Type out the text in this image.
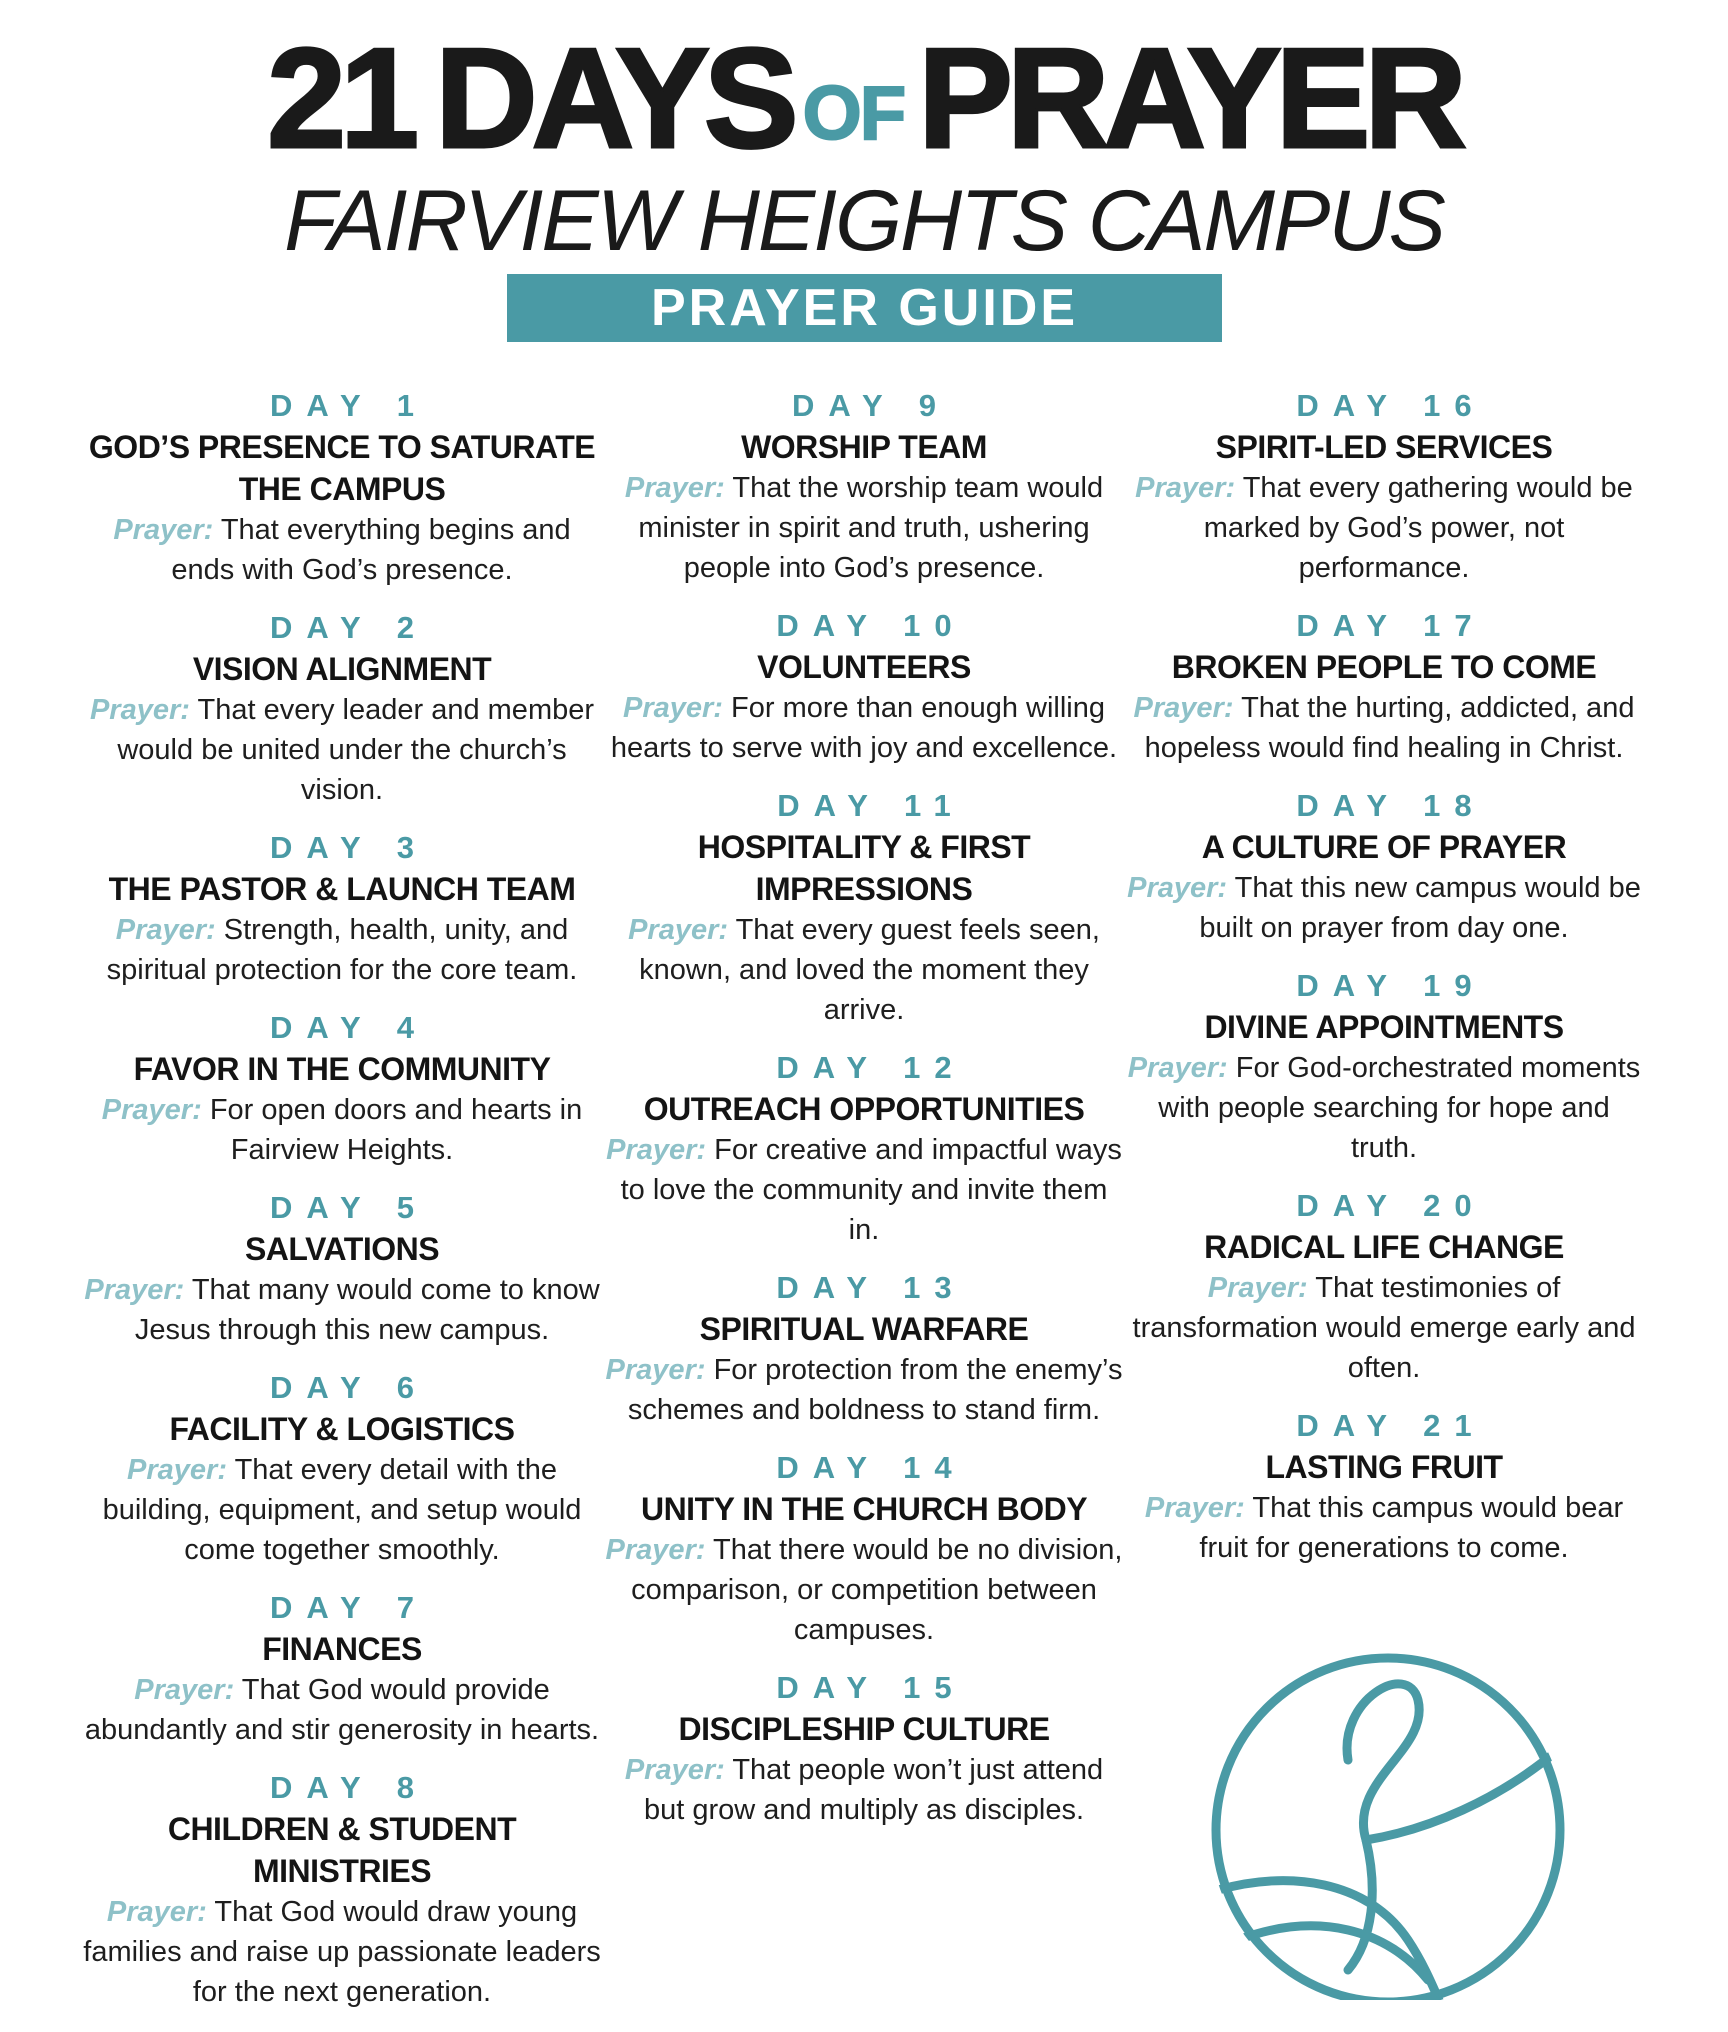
21 DAYS OF PRAYER
FAIRVIEW HEIGHTS CAMPUS
PRAYER GUIDE
DAY 1
GOD’S PRESENCE TO SATURATE THE CAMPUS
Prayer: That everything begins and ends with God’s presence.
DAY 2
VISION ALIGNMENT
Prayer: That every leader and member would be united under the church’s vision.
DAY 3
THE PASTOR & LAUNCH TEAM
Prayer: Strength, health, unity, and spiritual protection for the core team.
DAY 4
FAVOR IN THE COMMUNITY
Prayer: For open doors and hearts in Fairview Heights.
DAY 5
SALVATIONS
Prayer: That many would come to know Jesus through this new campus.
DAY 6
FACILITY & LOGISTICS
Prayer: That every detail with the building, equipment, and setup would come together smoothly.
DAY 7
FINANCES
Prayer: That God would provide abundantly and stir generosity in hearts.
DAY 8
CHILDREN & STUDENT MINISTRIES
Prayer: That God would draw young families and raise up passionate leaders for the next generation.
DAY 9
WORSHIP TEAM
Prayer: That the worship team would minister in spirit and truth, ushering people into God’s presence.
DAY 10
VOLUNTEERS
Prayer: For more than enough willing hearts to serve with joy and excellence.
DAY 11
HOSPITALITY & FIRST IMPRESSIONS
Prayer: That every guest feels seen, known, and loved the moment they arrive.
DAY 12
OUTREACH OPPORTUNITIES
Prayer: For creative and impactful ways to love the community and invite them in.
DAY 13
SPIRITUAL WARFARE
Prayer: For protection from the enemy’s schemes and boldness to stand firm.
DAY 14
UNITY IN THE CHURCH BODY
Prayer: That there would be no division, comparison, or competition between campuses.
DAY 15
DISCIPLESHIP CULTURE
Prayer: That people won’t just attend but grow and multiply as disciples.
DAY 16
SPIRIT-LED SERVICES
Prayer: That every gathering would be marked by God’s power, not performance.
DAY 17
BROKEN PEOPLE TO COME
Prayer: That the hurting, addicted, and hopeless would find healing in Christ.
DAY 18
A CULTURE OF PRAYER
Prayer: That this new campus would be built on prayer from day one.
DAY 19
DIVINE APPOINTMENTS
Prayer: For God-orchestrated moments with people searching for hope and truth.
DAY 20
RADICAL LIFE CHANGE
Prayer: That testimonies of transformation would emerge early and often.
DAY 21
LASTING FRUIT
Prayer: That this campus would bear fruit for generations to come.
